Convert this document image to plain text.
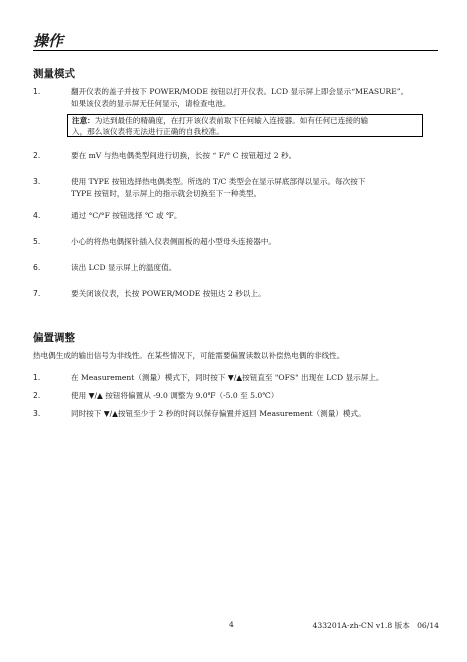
操作
测量模式
1.	翻开仪表的盖子并按下 POWER/MODE 按钮以打开仪表。LCD 显示屏上即会显示“MEASURE”。
如果该仪表的显示屏无任何显示，请检查电池。
注意：为达到最佳的精确度，在打开该仪表前取下任何输入连接器。如有任何已连接的输
入，那么该仪表将无法进行正确的自我校准。
2.	要在 mV 与热电偶类型间进行切换，长按 “ F/° C 按钮超过 2 秒。
3.	使用 TYPE 按钮选择热电偶类型。所选的 T/C 类型会在显示屏底部得以显示。每次按下
TYPE 按钮时，显示屏上的指示就会切换至下一种类型。
4.	通过 °C/°F 按钮选择 ℃ 或 ℉。
5.	小心的将热电偶探针插入仪表侧面板的超小型母头连接器中。
6.	读出 LCD 显示屏上的温度值。
7.	要关闭该仪表，长按 POWER/MODE 按钮达 2 秒以上。
偏置调整
热电偶生成的输出信号为非线性。在某些情况下，可能需要偏置读数以补偿热电偶的非线性。
1.	在 Measurement（测量）模式下，同时按下 ▼/▲按钮直至 "OFS" 出现在 LCD 显示屏上。
2.	使用 ▼/▲ 按钮将偏置从 -9.0 调整为 9.0℉（-5.0 至 5.0℃）
3.	同时按下 ▼/▲按钮至少于 2 秒的时间以保存偏置并返回 Measurement（测量）模式。
4	433201A-zh-CN v1.8 版本   06/14
